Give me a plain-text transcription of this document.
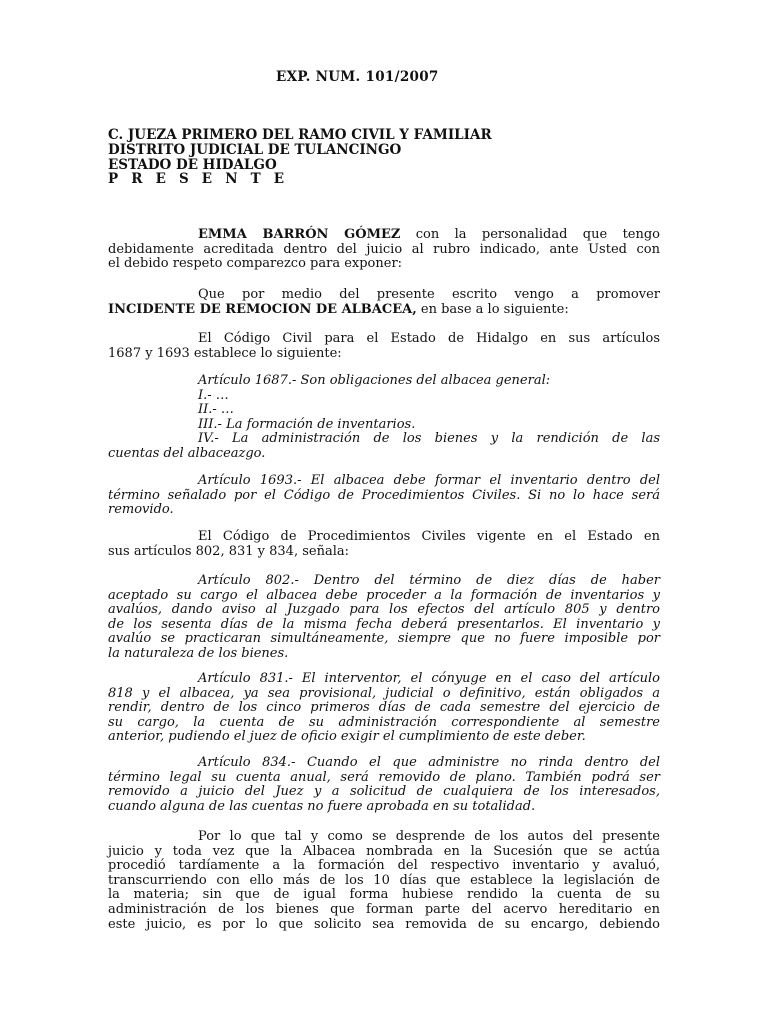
EXP. NUM. 101/2007

C. JUEZA PRIMERO DEL RAMO CIVIL Y FAMILIAR

DISTRITO JUDICIAL DE TULANCINGO

ESTADO DE HIDALGO

P R E S E N T E

EMMA BARRÓN GÓMEZ con la personalidad que tengo

debidamente acreditada dentro del juicio al rubro indicado, ante Usted con

el debido respeto comparezco para exponer:

Que por medio del presente escrito vengo a promover

INCIDENTE DE REMOCION DE ALBACEA, en base a lo siguiente:

El Código Civil para el Estado de Hidalgo en sus artículos

1687 y 1693 establece lo siguiente:

Artículo 1687.- Son obligaciones del albacea general:

I.- …

II.- …

III.- La formación de inventarios.

IV.- La administración de los bienes y la rendición de las

cuentas del albaceazgo.

Artículo 1693.- El albacea debe formar el inventario dentro del

término señalado por el Código de Procedimientos Civiles. Si no lo hace será

removido.

El Código de Procedimientos Civiles vigente en el Estado en

sus artículos 802, 831 y 834, señala:

Artículo 802.- Dentro del término de diez días de haber

aceptado su cargo el albacea debe proceder a la formación de inventarios y

avalúos, dando aviso al Juzgado para los efectos del artículo 805 y dentro

de los sesenta días de la misma fecha deberá presentarlos. El inventario y

avalúo se practicaran simultáneamente, siempre que no fuere imposible por

la naturaleza de los bienes.

Artículo 831.- El interventor, el cónyuge en el caso del artículo

818 y el albacea, ya sea provisional, judicial o definitivo, están obligados a

rendir, dentro de los cinco primeros días de cada semestre del ejercicio de

su cargo, la cuenta de su administración correspondiente al semestre

anterior, pudiendo el juez de oficio exigir el cumplimiento de este deber.

Artículo 834.- Cuando el que administre no rinda dentro del

término legal su cuenta anual, será removido de plano. También podrá ser

removido a juicio del Juez y a solicitud de cualquiera de los interesados,

cuando alguna de las cuentas no fuere aprobada en su totalidad.

Por lo que tal y como se desprende de los autos del presente

juicio y toda vez que la Albacea nombrada en la Sucesión que se actúa

procedió tardíamente a la formación del respectivo inventario y avaluó,

transcurriendo con ello más de los 10 días que establece la legislación de

la materia; sin que de igual forma hubiese rendido la cuenta de su

administración de los bienes que forman parte del acervo hereditario en

este juicio, es por lo que solicito sea removida de su encargo, debiendo
